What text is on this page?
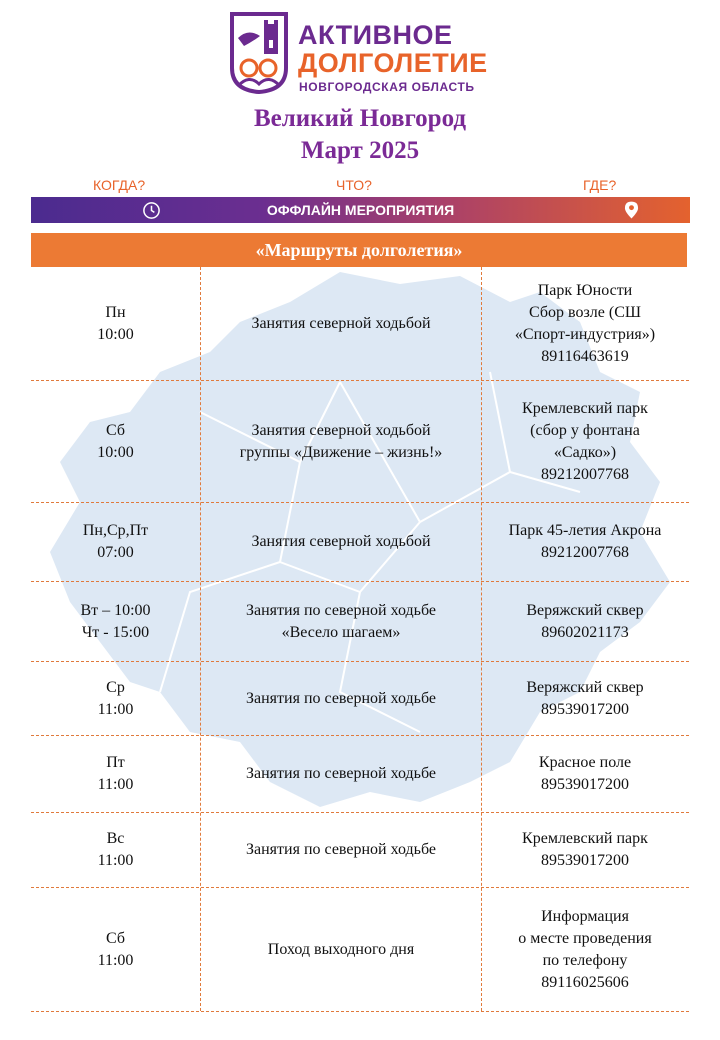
АКТИВНОЕ
ДОЛГОЛЕТИЕ
НОВГОРОДСКАЯ ОБЛАСТЬ
Великий Новгород
Март 2025
КОГДА?	ЧТО?	ГДЕ?
ОФФЛАЙН МЕРОПРИЯТИЯ
«Маршруты долголетия»
Пн
10:00
Занятия северной ходьбой
Парк Юности
Сбор возле (СШ
«Спорт-индустрия»)
89116463619
Сб
10:00
Занятия северной ходьбой
группы «Движение – жизнь!»
Кремлевский парк
(сбор у фонтана
«Садко»)
89212007768
Пн,Ср,Пт
07:00
Занятия северной ходьбой
Парк 45-летия Акрона
89212007768
Вт – 10:00
Чт - 15:00
Занятия по северной ходьбе
«Весело шагаем»
Веряжский сквер
89602021173
Ср
11:00
Занятия по северной ходьбе
Веряжский сквер
89539017200
Пт
11:00
Занятия по северной ходьбе
Красное поле
89539017200
Вс
11:00
Занятия по северной ходьбе
Кремлевский парк
89539017200
Сб
11:00
Поход выходного дня
Информация
о месте проведения
по телефону
89116025606
